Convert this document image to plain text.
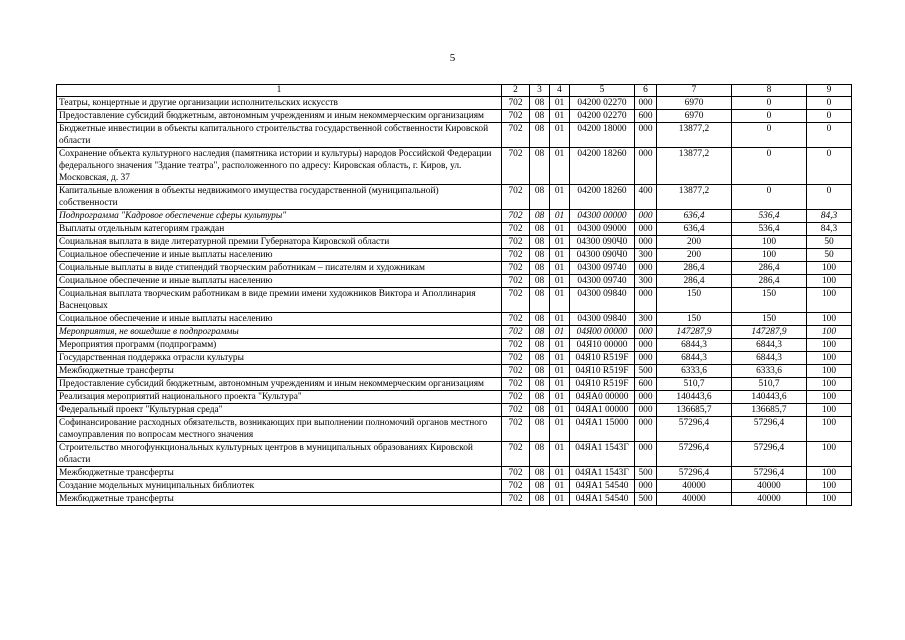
5
1	2	3	4	5	6	7	8	9
Театры, концертные и другие организации исполнительских искусств	702	08	01	04200 02270	000	6970	0	0
Предоставление субсидий бюджетным, автономным учреждениям и иным некоммерческим организациям	702	08	01	04200 02270	600	6970	0	0
Бюджетные инвестиции в объекты капитального строительства государственной собственности Кировской области	702	08	01	04200 18000	000	13877,2	0	0
Сохранение объекта культурного наследия (памятника истории и культуры) народов Российской Федерации федерального значения "Здание театра", расположенного по адресу: Кировская область, г. Киров, ул. Московская, д. 37	702	08	01	04200 18260	000	13877,2	0	0
Капитальные вложения в объекты недвижимого имущества государственной (муниципальной) собственности	702	08	01	04200 18260	400	13877,2	0	0
Подпрограмма "Кадровое обеспечение сферы культуры"	702	08	01	04300 00000	000	636,4	536,4	84,3
Выплаты отдельным категориям граждан	702	08	01	04300 09000	000	636,4	536,4	84,3
Социальная выплата в виде литературной премии Губернатора Кировской области	702	08	01	04300 090Ч0	000	200	100	50
Социальное обеспечение и иные выплаты населению	702	08	01	04300 090Ч0	300	200	100	50
Социальные выплаты в виде стипендий творческим работникам – писателям и художникам	702	08	01	04300 09740	000	286,4	286,4	100
Социальное обеспечение и иные выплаты населению	702	08	01	04300 09740	300	286,4	286,4	100
Социальная выплата творческим работникам в виде премии имени художников Виктора и Аполлинария Васнецовых	702	08	01	04300 09840	000	150	150	100
Социальное обеспечение и иные выплаты населению	702	08	01	04300 09840	300	150	150	100
Мероприятия, не вошедшие в подпрограммы	702	08	01	04Я00 00000	000	147287,9	147287,9	100
Мероприятия программ (подпрограмм)	702	08	01	04Я10 00000	000	6844,3	6844,3	100
Государственная поддержка отрасли культуры	702	08	01	04Я10 R519F	000	6844,3	6844,3	100
Межбюджетные трансферты	702	08	01	04Я10 R519F	500	6333,6	6333,6	100
Предоставление субсидий бюджетным, автономным учреждениям и иным некоммерческим организациям	702	08	01	04Я10 R519F	600	510,7	510,7	100
Реализация мероприятий национального проекта "Культура"	702	08	01	04ЯА0 00000	000	140443,6	140443,6	100
Федеральный проект "Культурная среда"	702	08	01	04ЯА1 00000	000	136685,7	136685,7	100
Софинансирование расходных обязательств, возникающих при выполнении полномочий органов местного самоуправления по вопросам местного значения	702	08	01	04ЯА1 15000	000	57296,4	57296,4	100
Строительство многофункциональных культурных центров в муниципальных образованиях Кировской области	702	08	01	04ЯА1 1543Г	000	57296,4	57296,4	100
Межбюджетные трансферты	702	08	01	04ЯА1 1543Г	500	57296,4	57296,4	100
Создание модельных муниципальных библиотек	702	08	01	04ЯА1 54540	000	40000	40000	100
Межбюджетные трансферты	702	08	01	04ЯА1 54540	500	40000	40000	100
